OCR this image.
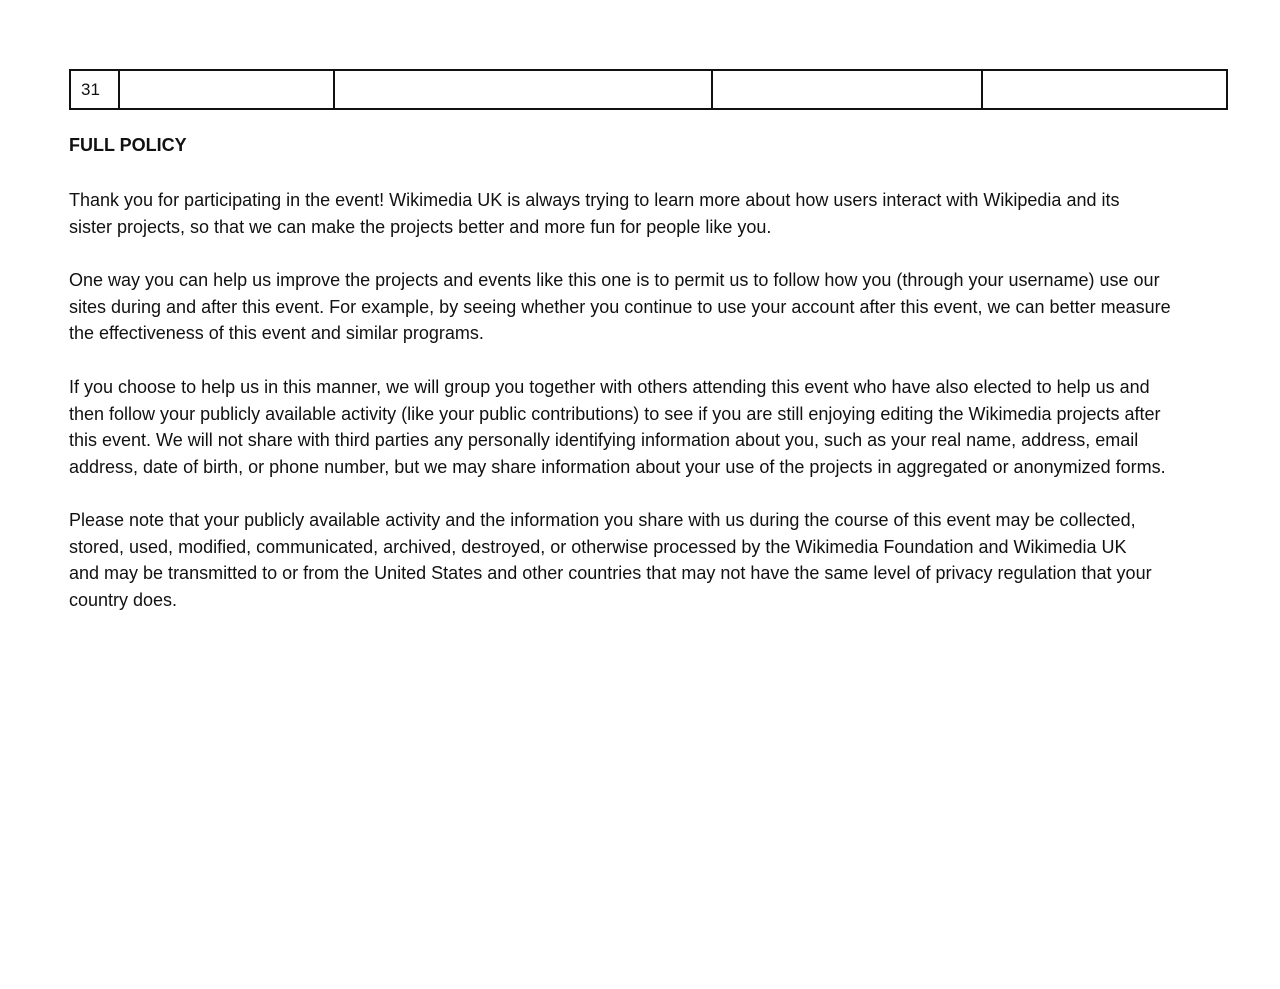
31				
FULL POLICY

Thank you for participating in the event! Wikimedia UK is always trying to learn more about how users interact with Wikipedia and its
sister projects, so that we can make the projects better and more fun for people like you.

One way you can help us improve the projects and events like this one is to permit us to follow how you (through your username) use our
sites during and after this event. For example, by seeing whether you continue to use your account after this event, we can better measure
the effectiveness of this event and similar programs.

If you choose to help us in this manner, we will group you together with others attending this event who have also elected to help us and
then follow your publicly available activity (like your public contributions) to see if you are still enjoying editing the Wikimedia projects after
this event. We will not share with third parties any personally identifying information about you, such as your real name, address, email
address, date of birth, or phone number, but we may share information about your use of the projects in aggregated or anonymized forms.

Please note that your publicly available activity and the information you share with us during the course of this event may be collected,
stored, used, modified, communicated, archived, destroyed, or otherwise processed by the Wikimedia Foundation and Wikimedia UK
and may be transmitted to or from the United States and other countries that may not have the same level of privacy regulation that your
country does.
